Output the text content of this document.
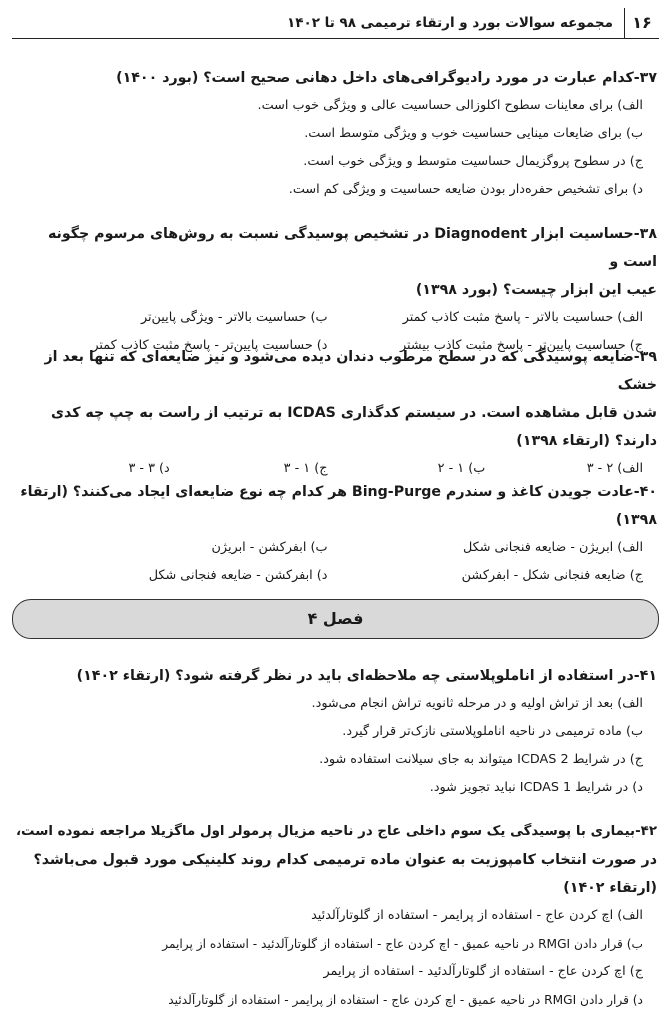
۱۶
مجموعه سوالات بورد و ارتقاء ترمیمی ۹۸ تا ۱۴۰۲

۳۷-کدام عبارت در مورد رادیوگرافی‌های داخل دهانی صحیح است؟ (بورد ۱۴۰۰)

الف) برای معاینات سطوح اکلوزالی حساسیت عالی و ویژگی خوب است.

ب) برای ضایعات مینایی حساسیت خوب و ویژگی متوسط است.

ج) در سطوح پروگزیمال حساسیت متوسط و ویژگی خوب است.

د) برای تشخیص حفره‌دار بودن ضایعه حساسیت و ویژگی کم است.

۳۸-حساسیت ابزار Diagnodent در تشخیص پوسیدگی نسبت به روش‌های مرسوم چگونه است و

عیب این ابزار چیست؟ (بورد ۱۳۹۸)

الف) حساسیت بالاتر - پاسخ مثبت کاذب کمتر
ب) حساسیت بالاتر - ویژگی پایین‌تر
ج) حساسیت پایین‌تر - پاسخ مثبت کاذب بیشتر
د) حساسیت پایین‌تر - پاسخ مثبت کاذب کمتر

۳۹-ضایعه پوسیدگی که در سطح مرطوب دندان دیده می‌شود و نیز ضایعه‌ای که تنها بعد از خشک

شدن قابل مشاهده است. در سیستم کدگذاری ICDAS به ترتیب از راست به چپ چه کدی

دارند؟ (ارتقاء ۱۳۹۸)

الف) ۲ - ۳
ب) ۱ - ۲
ج) ۱ - ۳
د) ۳ - ۳

۴۰-عادت جویدن کاغذ و سندرم Bing-Purge هر کدام چه نوع ضایعه‌ای ایجاد می‌کنند؟ (ارتقاء

۱۳۹۸)

الف) ابریژن - ضایعه فنجانی شکل
ب) ابفرکشن - ابریژن
ج) ضایعه فنجانی شکل - ابفرکشن
د) ابفرکشن - ضایعه فنجانی شکل
فصل ۴

۴۱-در استفاده از اناملوپلاستی چه ملاحظه‌ای باید در نظر گرفته شود؟ (ارتقاء ۱۴۰۲)

الف) بعد از تراش اولیه و در مرحله ثانویه تراش انجام می‌شود.

ب) ماده ترمیمی در ناحیه اناملوپلاستی نازک‌تر قرار گیرد.

ج) در شرایط ICDAS 2 میتواند به جای سیلانت استفاده شود.

د) در شرایط ICDAS 1 نباید تجویز شود.

۴۲-بیماری با پوسیدگی یک سوم داخلی عاج در ناحیه مزیال پرمولر اول ماگزیلا مراجعه نموده است،

در صورت انتخاب کامپوزیت به عنوان ماده ترمیمی کدام روند کلینیکی مورد قبول می‌باشد؟

(ارتقاء ۱۴۰۲)

الف) اچ کردن عاج - استفاده از پرایمر - استفاده از گلوتارآلدئید

ب) قرار دادن RMGI در ناحیه عمیق - اچ کردن عاج - استفاده از گلوتارآلدئید - استفاده از پرایمر

ج) اچ کردن عاج - استفاده از گلوتارآلدئید - استفاده از پرایمر

د) قرار دادن RMGI در ناحیه عمیق - اچ کردن عاج - استفاده از پرایمر - استفاده از گلوتارآلدئید
